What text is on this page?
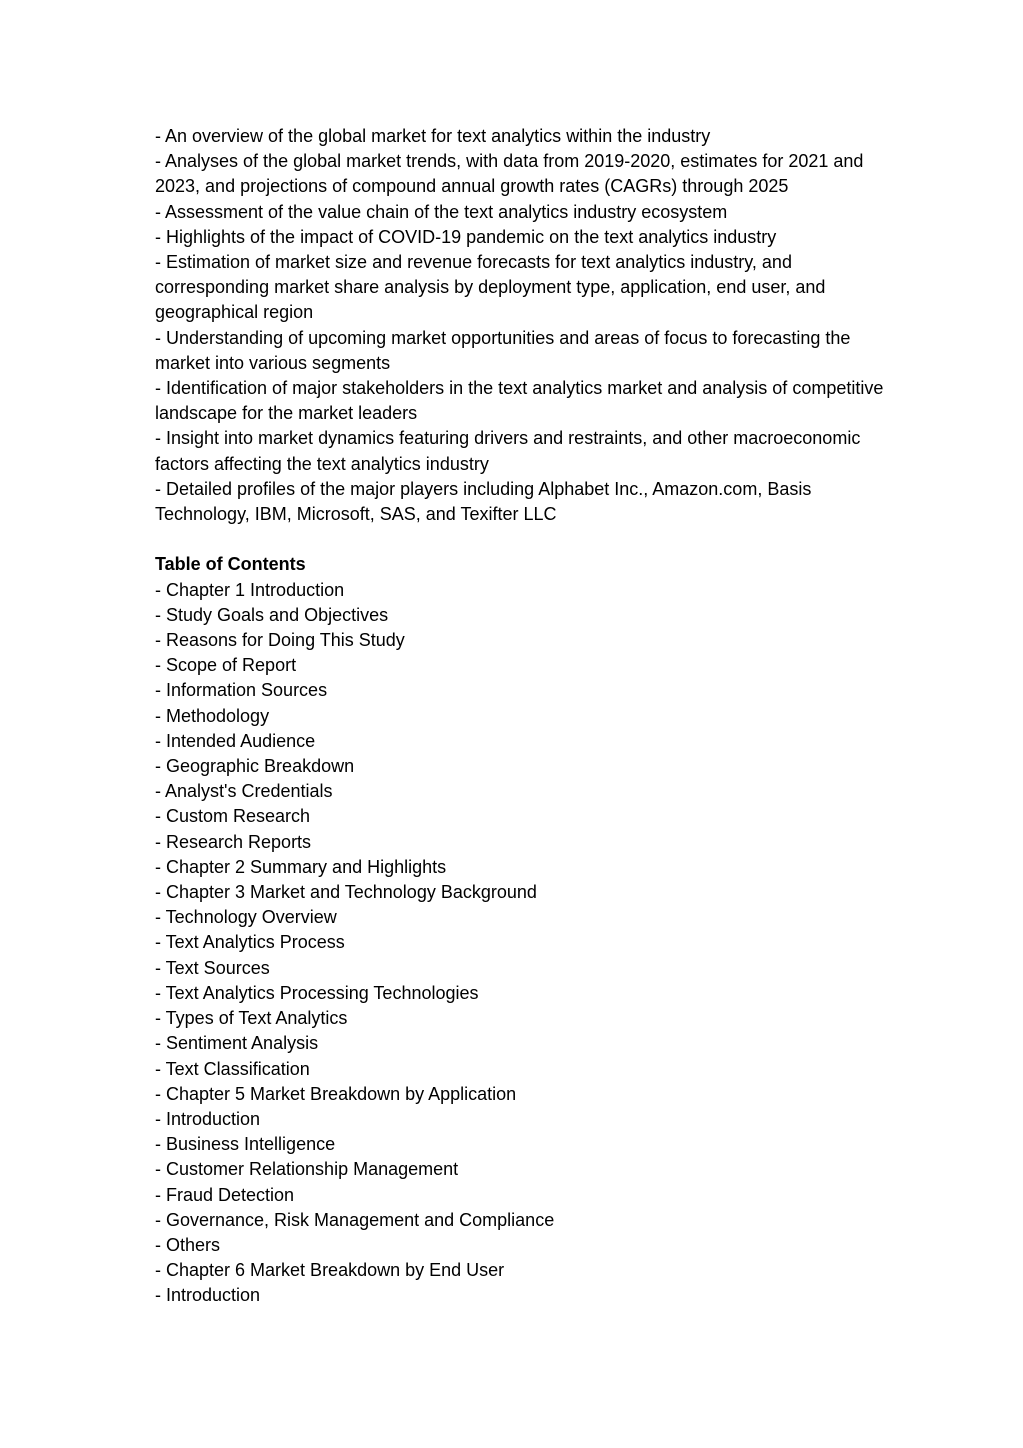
- An overview of the global market for text analytics within the industry
- Analyses of the global market trends, with data from 2019-2020, estimates for 2021 and 2023, and projections of compound annual growth rates (CAGRs) through 2025
- Assessment of the value chain of the text analytics industry ecosystem
- Highlights of the impact of COVID-19 pandemic on the text analytics industry
- Estimation of market size and revenue forecasts for text analytics industry, and corresponding market share analysis by deployment type, application, end user, and geographical region
- Understanding of upcoming market opportunities and areas of focus to forecasting the market into various segments
- Identification of major stakeholders in the text analytics market and analysis of competitive landscape for the market leaders
- Insight into market dynamics featuring drivers and restraints, and other macroeconomic factors affecting the text analytics industry
- Detailed profiles of the major players including Alphabet Inc., Amazon.com, Basis Technology, IBM, Microsoft, SAS, and Texifter LLC
Table of Contents
- Chapter 1 Introduction
- Study Goals and Objectives
- Reasons for Doing This Study
- Scope of Report
- Information Sources
- Methodology
- Intended Audience
- Geographic Breakdown
- Analyst's Credentials
- Custom Research
- Research Reports
- Chapter 2 Summary and Highlights
- Chapter 3 Market and Technology Background
- Technology Overview
- Text Analytics Process
- Text Sources
- Text Analytics Processing Technologies
- Types of Text Analytics
- Sentiment Analysis
- Text Classification
- Chapter 5 Market Breakdown by Application
- Introduction
- Business Intelligence
- Customer Relationship Management
- Fraud Detection
- Governance, Risk Management and Compliance
- Others
- Chapter 6 Market Breakdown by End User
- Introduction
